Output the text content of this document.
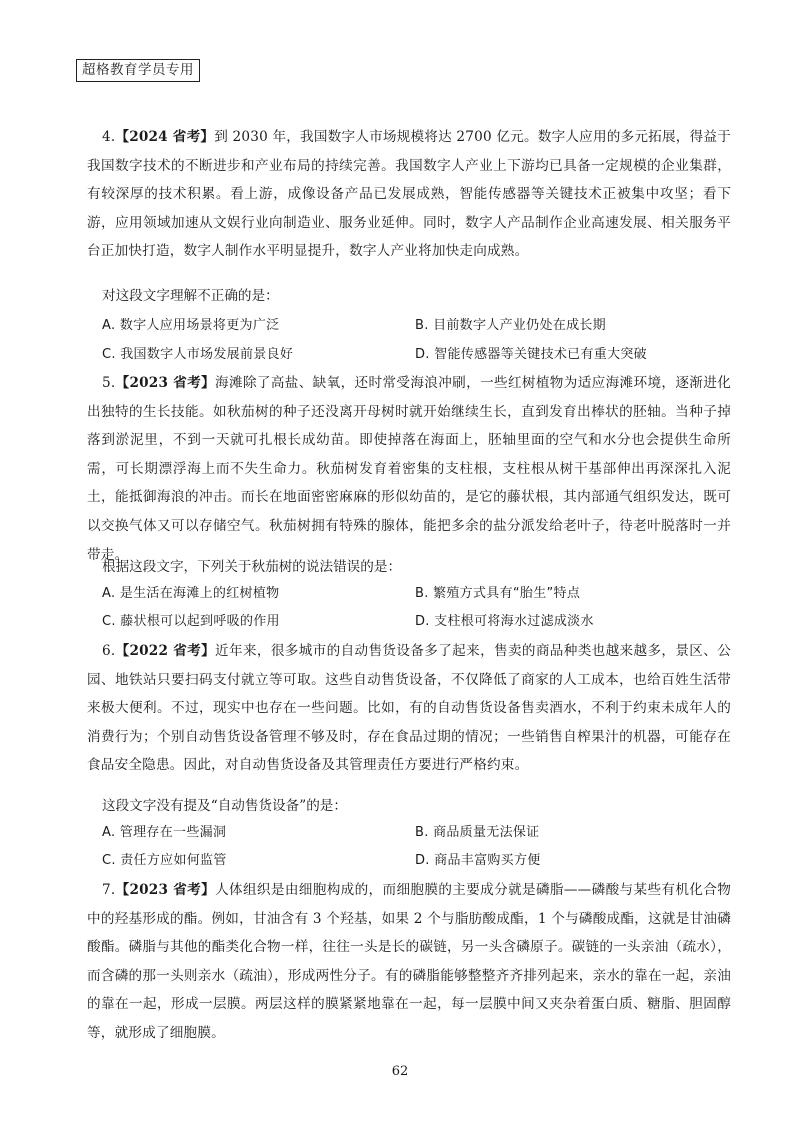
超格教育学员专用

4.【2024 省考】到 2030 年，我国数字人市场规模将达 2700 亿元。数字人应用的多元拓展，得益于我国数字技术的不断进步和产业布局的持续完善。我国数字人产业上下游均已具备一定规模的企业集群，有较深厚的技术积累。看上游，成像设备产品已发展成熟，智能传感器等关键技术正被集中攻坚；看下游，应用领域加速从文娱行业向制造业、服务业延伸。同时，数字人产品制作企业高速发展、相关服务平台正加快打造，数字人制作水平明显提升，数字人产业将加快走向成熟。

对这段文字理解不正确的是：
A. 数字人应用场景将更为广泛	B. 目前数字人产业仍处在成长期
C. 我国数字人市场发展前景良好	D. 智能传感器等关键技术已有重大突破

5.【2023 省考】海滩除了高盐、缺氧，还时常受海浪冲刷，一些红树植物为适应海滩环境，逐渐进化出独特的生长技能。如秋茄树的种子还没离开母树时就开始继续生长，直到发育出棒状的胚轴。当种子掉落到淤泥里，不到一天就可扎根长成幼苗。即使掉落在海面上，胚轴里面的空气和水分也会提供生命所需，可长期漂浮海上而不失生命力。秋茄树发育着密集的支柱根，支柱根从树干基部伸出再深深扎入泥土，能抵御海浪的冲击。而长在地面密密麻麻的形似幼苗的，是它的藤状根，其内部通气组织发达，既可以交换气体又可以存储空气。秋茄树拥有特殊的腺体，能把多余的盐分派发给老叶子，待老叶脱落时一并带走。

根据这段文字，下列关于秋茄树的说法错误的是：
A. 是生活在海滩上的红树植物	B. 繁殖方式具有“胎生”特点
C. 藤状根可以起到呼吸的作用	D. 支柱根可将海水过滤成淡水

6.【2022 省考】近年来，很多城市的自动售货设备多了起来，售卖的商品种类也越来越多，景区、公园、地铁站只要扫码支付就立等可取。这些自动售货设备，不仅降低了商家的人工成本，也给百姓生活带来极大便利。不过，现实中也存在一些问题。比如，有的自动售货设备售卖酒水，不利于约束未成年人的消费行为；个别自动售货设备管理不够及时，存在食品过期的情况；一些销售自榨果汁的机器，可能存在食品安全隐患。因此，对自动售货设备及其管理责任方要进行严格约束。

这段文字没有提及“自动售货设备”的是：
A. 管理存在一些漏洞	B. 商品质量无法保证
C. 责任方应如何监管	D. 商品丰富购买方便

7.【2023 省考】人体组织是由细胞构成的，而细胞膜的主要成分就是磷脂——磷酸与某些有机化合物中的羟基形成的酯。例如，甘油含有 3 个羟基，如果 2 个与脂肪酸成酯，1 个与磷酸成酯，这就是甘油磷酸酯。磷脂与其他的酯类化合物一样，往往一头是长的碳链，另一头含磷原子。碳链的一头亲油（疏水），而含磷的那一头则亲水（疏油），形成两性分子。有的磷脂能够整整齐齐排列起来，亲水的靠在一起，亲油的靠在一起，形成一层膜。两层这样的膜紧紧地靠在一起，每一层膜中间又夹杂着蛋白质、糖脂、胆固醇等，就形成了细胞膜。

62
